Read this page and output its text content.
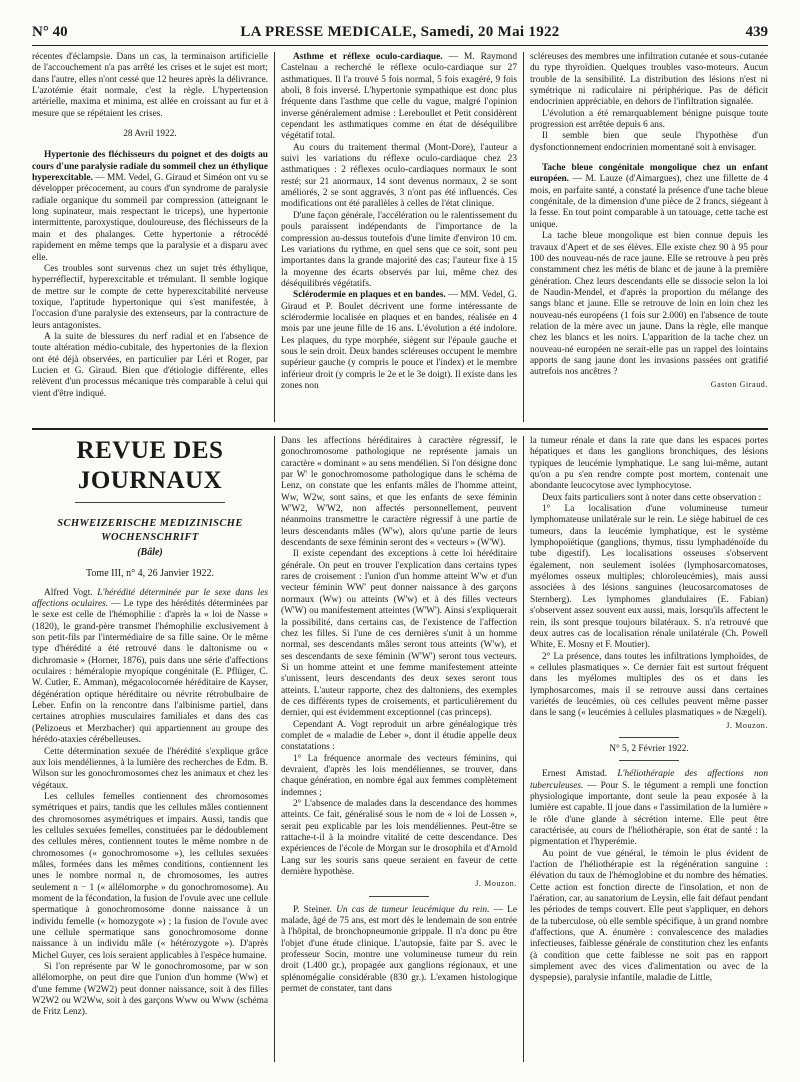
N° 40	LA PRESSE MEDICALE, Samedi, 20 Mai 1922	439

récentes d'éclampsie. Dans un cas, la terminaison artificielle de l'accouchement n'a pas arrêté les crises et le sujet est mort; dans l'autre, elles n'ont cessé que 12 heures après la délivrance. L'azotémie était normale, c'est la règle. L'hypertension artérielle, maxima et minima, est allée en croissant au fur et à mesure que se répétaient les crises.

28 Avril 1922.

Hypertonie des fléchisseurs du poignet et des doigts au cours d'une paralysie radiale du sommeil chez un éthylique hyperexcitable. — MM. Vedel, G. Giraud et Siméon ont vu se développer précocement, au cours d'un syndrome de paralysie radiale organique du sommeil par compression (atteignant le long supinateur, mais respectant le triceps), une hypertonie intermittente, paroxystique, douloureuse, des fléchisseurs de la main et des phalanges. Cette hypertonie a rétrocédé rapidement en même temps que la paralysie et a disparu avec elle.

Ces troubles sont survenus chez un sujet très éthylique, hyperréflectif, hyperexcitable et trémulant. Il semble logique de mettre sur le compte de cette hyperexcitabilité nerveuse toxique, l'aptitude hypertonique qui s'est manifestée, à l'occasion d'une paralysie des extenseurs, par la contracture de leurs antagonistes.

A la suite de blessures du nerf radial et en l'absence de toute altération médio-cubitale, des hypertonies de la flexion ont été déjà observées, en particulier par Léri et Roger, par Lucien et G. Giraud. Bien que d'étiologie différente, elles relèvent d'un processus mécanique très comparable à celui qui vient d'être indiqué.

Asthme et réflexe oculo-cardiaque. — M. Raymond Castelnau a recherché le réflexe oculo-cardiaque sur 27 asthmatiques. Il l'a trouvé 5 fois normal, 5 fois exagéré, 9 fois aboli, 8 fois inversé. L'hypertonie sympathique est donc plus fréquente dans l'asthme que celle du vague, malgré l'opinion inverse généralement admise : Lereboullet et Petit considèrent cependant les asthmatiques comme en état de déséquilibre végétatif total.

Au cours du traitement thermal (Mont-Dore), l'auteur a suivi les variations du réflexe oculo-cardiaque chez 23 asthmatiques : 2 réflexes oculo-cardiaques normaux le sont resté; sur 21 anormaux, 14 sont devenus normaux, 2 se sont améliorés, 2 se sont aggravés, 3 n'ont pas été influencés. Ces modifications ont été parallèles à celles de l'état clinique.

D'une façon générale, l'accélération ou le ralentissement du pouls paraissent indépendants de l'importance de la compression au-dessus toutefois d'une limite d'environ 10 cm. Les variations du rythme, en quel sens que ce soit, sont peu importantes dans la grande majorité des cas; l'auteur fixe à 15 la moyenne des écarts observés par lui, même chez des déséquilibrés végétatifs.

Sclérodermie en plaques et en bandes. — MM. Vedel, G. Giraud et P. Boulet décrivent une forme intéressante de sclérodermie localisée en plaques et en bandes, réalisée en 4 mois par une jeune fille de 16 ans. L'évolution a été indolore. Les plaques, du type morphée, siègent sur l'épaule gauche et sous le sein droit. Deux bandes scléreuses occupent le membre supérieur gauche (y compris le pouce et l'index) et le membre inférieur droit (y compris le 2e et le 3e doigt). Il existe dans les zones non

scléreuses des membres une infiltration cutanée et sous-cutanée du type thyroïdien. Quelques troubles vaso-moteurs. Aucun trouble de la sensibilité. La distribution des lésions n'est ni symétrique ni radiculaire ni périphérique. Pas de déficit endocrinien appréciable, en dehors de l'infiltration signalée.

L'évolution a été remarquablement bénigne puisque toute progression est arrêtée depuis 6 ans.

Il semble bien que seule l'hypothèse d'un dysfonctionnement endocrinien momentané soit à envisager.

Tache bleue congénitale mongolique chez un enfant européen. — M. Lauze (d'Aimargues), chez une fillette de 4 mois, en parfaite santé, a constaté la présence d'une tache bleue congénitale, de la dimension d'une pièce de 2 francs, siégeant à la fesse. En tout point comparable à un tatouage, cette tache est unique.

La tache bleue mongolique est bien connue depuis les travaux d'Apert et de ses élèves. Elle existe chez 90 à 95 pour 100 des nouveau-nés de race jaune. Elle se retrouve à peu près constamment chez les métis de blanc et de jaune à la première génération. Chez leurs descendants elle se dissocie selon la loi de Naudin-Mendel, et d'après la proportion du mélange des sangs blanc et jaune. Elle se retrouve de loin en loin chez les nouveau-nés européens (1 fois sur 2.000) en l'absence de toute relation de la mère avec un jaune. Dans la règle, elle manque chez les blancs et les noirs. L'apparition de la tache chez un nouveau-né européen ne serait-elle pas un rappel des lointains apports de sang jaune dont les invasions passées ont gratifié autrefois nos ancêtres ?

Gaston Giraud.

REVUE DES JOURNAUX
SCHWEIZERISCHE MEDIZINISCHE WOCHENSCHRIFT
(Bâle)
Tome III, n° 4, 26 Janvier 1922.

Alfred Vogt. L'hérédité déterminée par le sexe dans les affections oculaires. — Le type des hérédités déterminées par le sexe est celle de l'hémophilie : d'après la « loi de Nasse » (1820), le grand-père transmet l'hémophilie exclusivement à son petit-fils par l'intermédiaire de sa fille saine. Or le même type d'hérédité a été retrouvé dans le daltonisme ou « dichromasie » (Horner, 1876), puis dans une série d'affections oculaires : héméralopie myopique congénitale (E. Pflüger, C. W. Cutler, E. Amman), mégacolocornée héréditaire de Kayser, dégénération optique héréditaire ou névrite rétrobulbaire de Leber. Enfin on la rencontre dans l'albinisme partiel, dans certaines atrophies musculaires familiales et dans des cas (Pelizoeus et Merzbacher) qui appartiennent au groupe des hérédo-ataxies cérébelleuses.

Cette détermination sexuée de l'hérédité s'explique grâce aux lois mendéliennes, à la lumière des recherches de Edm. B. Wilson sur les gonochromosomes chez les animaux et chez les végétaux.

Les cellules femelles contiennent des chromosomes symétriques et pairs, tandis que les cellules mâles contiennent des chromosomes asymétriques et impairs. Aussi, tandis que les cellules sexuées femelles, constituées par le dédoublement des cellules mères, contiennent toutes le même nombre n de chromosomes (« gonochromosome »), les cellules sexuées mâles, formées dans les mêmes conditions, contiennent les unes le nombre normal n, de chromosomes, les autres seulement n − 1 (« allélomorphe » du gonochromosome). Au moment de la fécondation, la fusion de l'ovule avec une cellule spermatique à gonochromosome donne naissance à un individu femelle (« homozygote ») ; la fusion de l'ovule avec une cellule spermatique sans gonochromosome donne naissance à un individu mâle (« hétérozygote »). D'après Michel Guyer, ces lois seraient applicables à l'espèce humaine.

Si l'on représente par W le gonochromosome, par w son allélomorphe, on peut dire que l'union d'un homme (Ww) et d'une femme (W2W2) peut donner naissance, soit à des filles W2W2 ou W2Ww, soit à des garçons Www ou Www (schéma de Fritz Lenz).

Dans les affections héréditaires à caractère régressif, le gonochromosome pathologique ne représente jamais un caractère « dominant » au sens mendélien. Si l'on désigne donc par W' le gonochromosome pathologique dans le schéma de Lenz, on constate que les enfants mâles de l'homme atteint, Ww, W2w, sont sains, et que les enfants de sexe féminin W'W2, W'W2, non affectés personnellement, peuvent néanmoins transmettre le caractère régressif à une partie de leurs descendants mâles (W'w), alors qu'une partie de leurs descendants de sexe féminin seront des « vecteurs » (W'W).

Il existe cependant des exceptions à cette loi héréditaire générale. On peut en trouver l'explication dans certains types rares de croisement : l'union d'un homme atteint W'w et d'un vecteur féminin WW' peut donner naissance à des garçons normaux (Ww) ou atteints (W'w) et à des filles vecteurs (W'W) ou manifestement atteintes (W'W'). Ainsi s'expliquerait la possibilité, dans certains cas, de l'existence de l'affection chez les filles. Si l'une de ces dernières s'unit à un homme normal, ses descendants mâles seront tous atteints (W'w), et ses descendants de sexe féminin (W'W') seront tous vecteurs. Si un homme atteint et une femme manifestement atteinte s'unissent, leurs descendants des deux sexes seront tous atteints. L'auteur rapporte, chez des daltoniens, des exemples de ces différents types de croisements, et particulièrement du dernier, qui est évidemment exceptionnel (cas princeps).

Cependant A. Vogt reproduit un arbre généalogique très complet de « maladie de Leber », dont il étudie appelle deux constatations :

1° La fréquence anormale des vecteurs féminins, qui devraient, d'après les lois mendéliennes, se trouver, dans chaque génération, en nombre égal aux femmes complètement indemnes ;

2° L'absence de malades dans la descendance des hommes atteints. Ce fait, généralisé sous le nom de « loi de Lossen », serait peu explicable par les lois mendéliennes. Peut-être se rattache-t-il à la moindre vitalité de cette descendance. Des expériences de l'école de Morgan sur le drosophila et d'Arnold Lang sur les souris sans queue seraient en faveur de cette dernière hypothèse.

J. Mouzon.

P. Steiner. Un cas de tumeur leucémique du rein. — Le malade, âgé de 75 ans, est mort dès le lendemain de son entrée à l'hôpital, de bronchopneumonie grippale. Il n'a donc pu être l'objet d'une étude clinique. L'autopsie, faite par S. avec le professeur Socin, montre une volumineuse tumeur du rein droit (1.400 gr.), propagée aux ganglions régionaux, et une splénomégalie considérable (830 gr.). L'examen histologique permet de constater, tant dans

la tumeur rénale et dans la rate que dans les espaces portes hépatiques et dans les ganglions bronchiques, des lésions typiques de leucémie lymphatique. Le sang lui-même, autant qu'on a pu s'en rendre compte post mortem, contenait une abondante leucocytose avec lymphocytose.

Deux faits particuliers sont à noter dans cette observation :

1° La localisation d'une volumineuse tumeur lymphomateuse unilatérale sur le rein. Le siège habituel de ces tumeurs, dans la leucémie lymphatique, est le système lymphopoïétique (ganglions, thymus, tissu lymphadénoïde du tube digestif). Les localisations osseuses s'observent également, non seulement isolées (lymphosarcomatoses, myélomes osseux multiples; chloroleucémies), mais aussi associées à des lésions sanguines (leucosarcomatoses de Sternberg). Les lymphomes glandulaires (E. Fabian) s'observent assez souvent eux aussi, mais, lorsqu'ils affectent le rein, ils sont presque toujours bilatéraux. S. n'a retrouvé que deux autres cas de localisation rénale unilatérale (Ch. Powell White, E. Mosny et F. Moutier).

2° La présence, dans toutes les infiltrations lymphoïdes, de « cellules plasmatiques ». Ce dernier fait est surtout fréquent dans les myélomes multiples des os et dans les lymphosarcomes, mais il se retrouve aussi dans certaines variétés de leucémies, où ces cellules peuvent même passer dans le sang (« leucémies à cellules plasmatiques » de Nægeli).

J. Mouzon.

N° 5, 2 Février 1922.

Ernest Amstad. L'héliothérapie des affections non tuberculeuses. — Pour S. le tégument a rempli une fonction physiologique importante, dont seule la peau exposée à la lumière est capable. Il joue dans « l'assimilation de la lumière » le rôle d'une glande à sécrétion interne. Elle peut être caractérisée, au cours de l'héliothérapie, son état de santé : la pigmentation et l'hyperémie.

Au point de vue général, le témoin le plus évident de l'action de l'héliothérapie est la régénération sanguine : élévation du taux de l'hémoglobine et du nombre des hématies. Cette action est fonction directe de l'insolation, et non de l'aération, car, au sanatorium de Leysin, elle fait défaut pendant les périodes de temps couvert. Elle peut s'appliquer, en dehors de la tuberculose, où elle semble spécifique, à un grand nombre d'affections, que A. énumère : convalescence des maladies infectieuses, faiblesse générale de constitution chez les enfants (à condition que cette faiblesse ne soit pas en rapport simplement avec des vices d'alimentation ou avec de la dyspepsie), paralysie infantile, maladie de Little,
